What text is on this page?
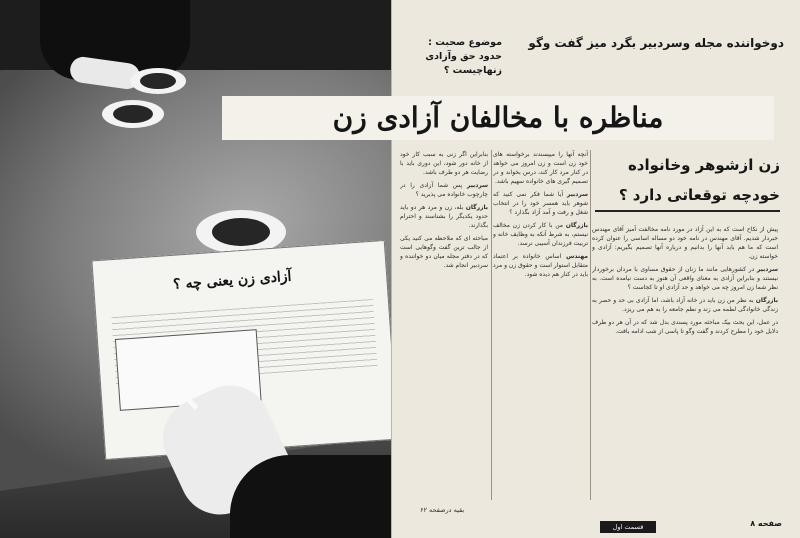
آزادی زن یعنی چه ؟
دوخواننده مجله وسردبیر بگرد میز گفت وگو
موضوع صحبت : حدود حق وآزادی زنهاچیست ؟
مناظره با مخالفان آزادی زن
زن ازشوهر وخانواده
خودچه توقعاتی دارد ؟

پیش از نکاح است که به این آزاد در مورد نامه مخالفت آمیز آقای مهندس خبردار شدیم. آقای مهندس در نامه خود دو مساله اساسی را عنوان کرده است که ما هم باید آنها را بدانیم و درباره آنها تصمیم بگیریم: آزادی و خواسته زن.

سردبیر در کشورهایی مانند ما زنان از حقوق مساوی با مردان برخوردار نیستند و بنابراین آزادی به معنای واقعی آن هنوز به دست نیامده است. به نظر شما زن امروز چه می خواهد و حد آزادی او تا کجاست ؟

بازرگان به نظر من زن باید در خانه آزاد باشد، اما آزادی بی حد و حصر به زندگی خانوادگی لطمه می زند و نظم جامعه را به هم می ریزد.

در عمل، این بحث بیک مباحثه مورد پسندی بدل شد که در آن هر دو طرف دلایل خود را مطرح کردند و گفت وگو تا پاسی از شب ادامه یافت.

آنچه آنها را میپسندند برخواسته های خود زن است و زن امروز می خواهد در کنار مرد کار کند، درس بخواند و در تصمیم گیری های خانواده سهیم باشد.

سردبیر آیا شما فکر نمی کنید که شوهر باید همسر خود را در انتخاب شغل و رفت و آمد آزاد بگذارد ؟

بازرگان من با کار کردن زن مخالف نیستم، به شرط آنکه به وظایف خانه و تربیت فرزندان آسیبی نرسد.

مهندس اساس خانواده بر اعتماد متقابل استوار است و حقوق زن و مرد باید در کنار هم دیده شود.

بنابراین اگر زنی به سبب کار خود از خانه دور شود، این دوری باید با رضایت هر دو طرف باشد.

سردبیر پس شما آزادی را در چارچوب خانواده می پذیرید ؟

بازرگان بله، زن و مرد هر دو باید حدود یکدیگر را بشناسند و احترام بگذارند.

مباحثه ای که ملاحظه می کنید یکی از جالب ترین گفت وگوهایی است که در دفتر مجله میان دو خواننده و سردبیر انجام شد.

بقیه درصفحه ۶۲
قسمت اول	صفحه ۸
